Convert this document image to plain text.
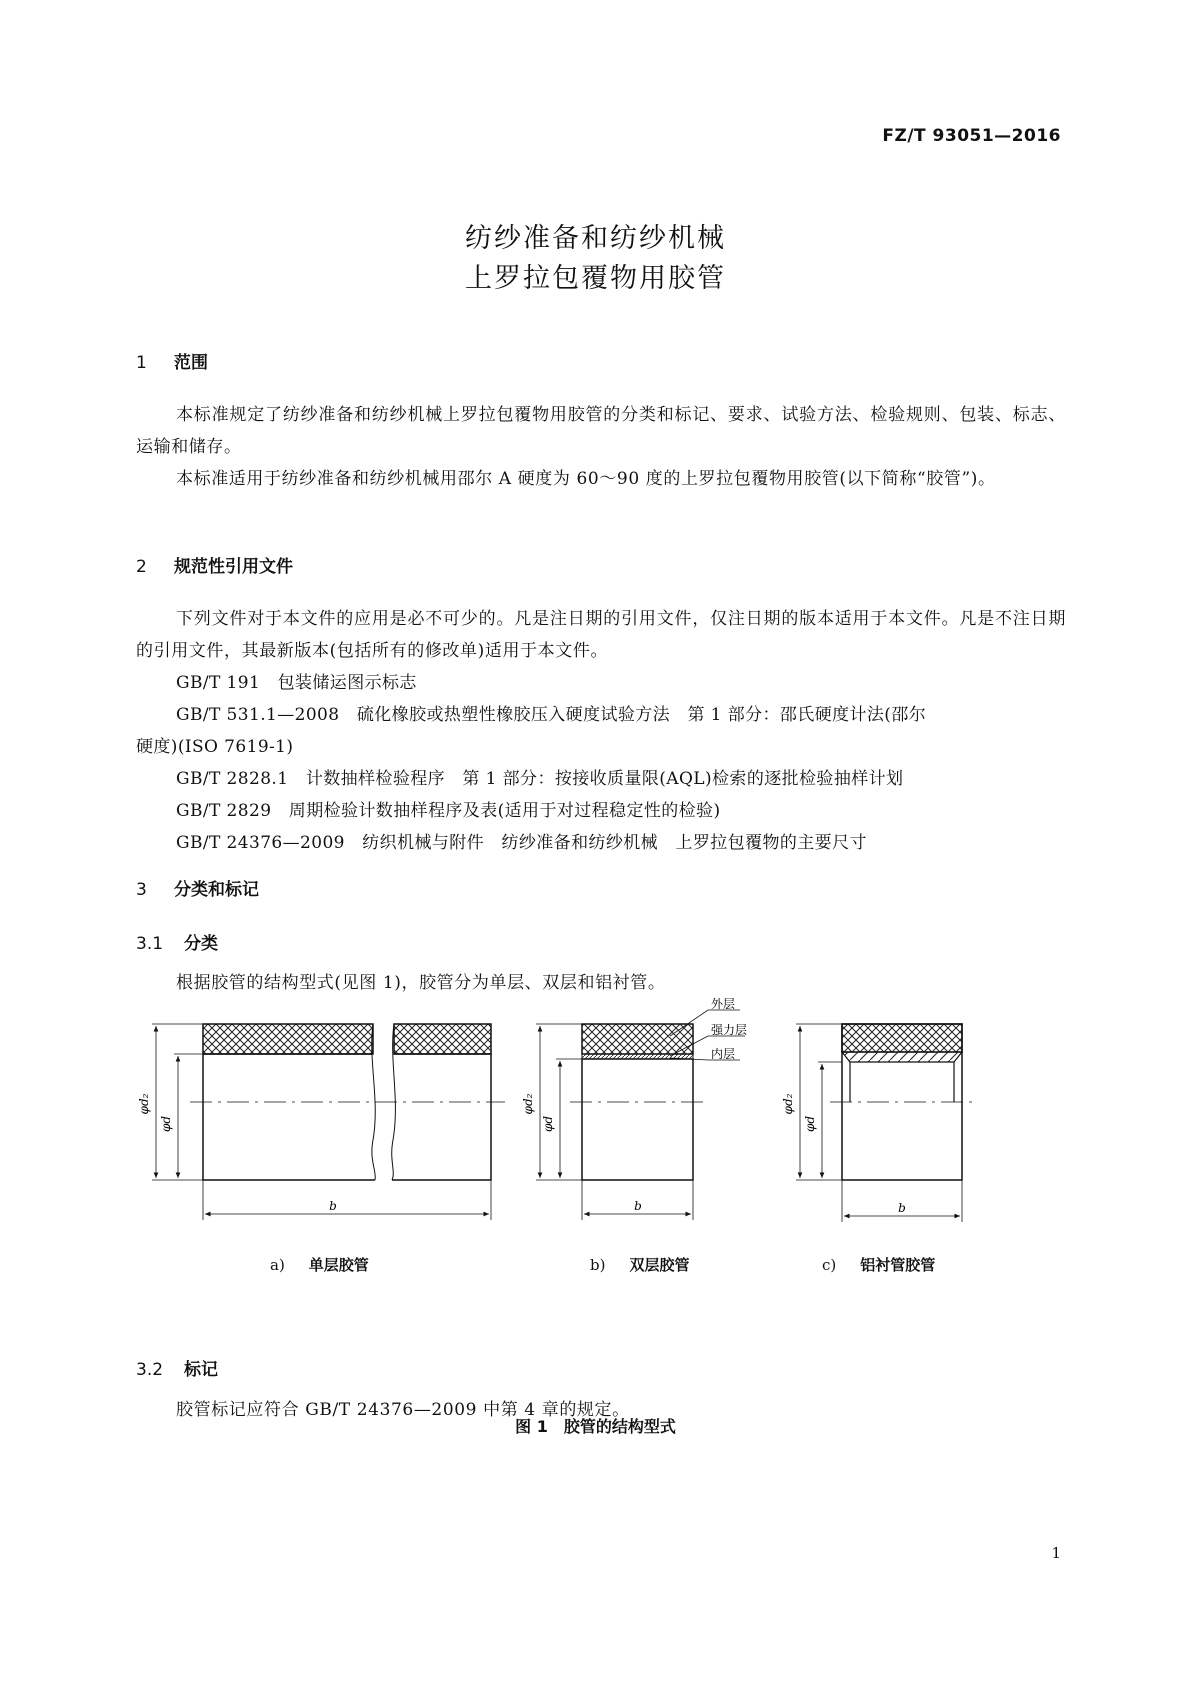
FZ/T 93051—2016
纺纱准备和纺纱机械
上罗拉包覆物用胶管
1 范围

本标准规定了纺纱准备和纺纱机械上罗拉包覆物用胶管的分类和标记、要求、试验方法、检验规则、包装、标志、运输和储存。

本标准适用于纺纱准备和纺纱机械用邵尔 A 硬度为 60～90 度的上罗拉包覆物用胶管(以下简称“胶管”)。

2 规范性引用文件

下列文件对于本文件的应用是必不可少的。凡是注日期的引用文件，仅注日期的版本适用于本文件。凡是不注日期的引用文件，其最新版本(包括所有的修改单)适用于本文件。

GB/T 191　包装储运图示标志

GB/T 531.1—2008　硫化橡胶或热塑性橡胶压入硬度试验方法　第 1 部分：邵氏硬度计法(邵尔

硬度)(ISO 7619-1)

GB/T 2828.1　计数抽样检验程序　第 1 部分：按接收质量限(AQL)检索的逐批检验抽样计划

GB/T 2829　周期检验计数抽样程序及表(适用于对过程稳定性的检验)

GB/T 24376—2009　纺织机械与附件　纺纱准备和纺纱机械　上罗拉包覆物的主要尺寸

3 分类和标记
3.1 分类

根据胶管的结构型式(见图 1)，胶管分为单层、双层和铝衬管。

φd₂
φd
b
外层
强力层
内层
φd₂
φd
b
φd₂
φd
b
a) 单层胶管	b) 双层胶管	c) 铝衬管胶管
图 1　胶管的结构型式
3.2 标记

胶管标记应符合 GB/T 24376—2009 中第 4 章的规定。

1
